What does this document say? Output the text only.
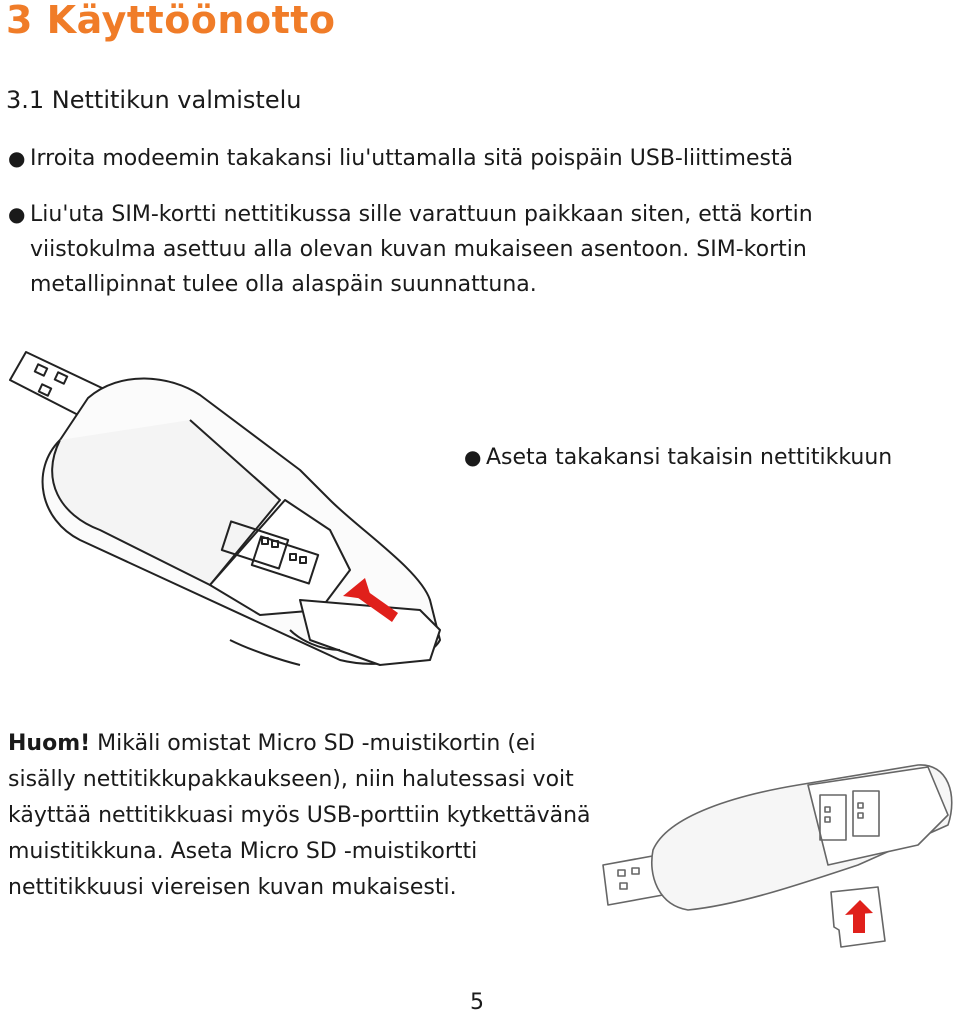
3 Käyttöönotto
3.1 Nettitikun valmistelu
● Irroita modeemin takakansi liu'uttamalla sitä poispäin USB-liittimestä
● Liu'uta SIM-kortti nettitikussa sille varattuun paikkaan siten, että kortin viistokulma asettuu alla olevan kuvan mukaiseen asentoon. SIM-kortin metallipinnat tulee olla alaspäin suunnattuna.
● Aseta takakansi takaisin nettitikkuun
Huom! Mikäli omistat Micro SD -muistikortin (ei sisälly nettitikkupakkaukseen), niin halutessasi voit käyttää nettitikkuasi myös USB-porttiin kytkettävänä muistitikkuna. Aseta Micro SD -muistikortti nettitikkuusi viereisen kuvan mukaisesti.
5
